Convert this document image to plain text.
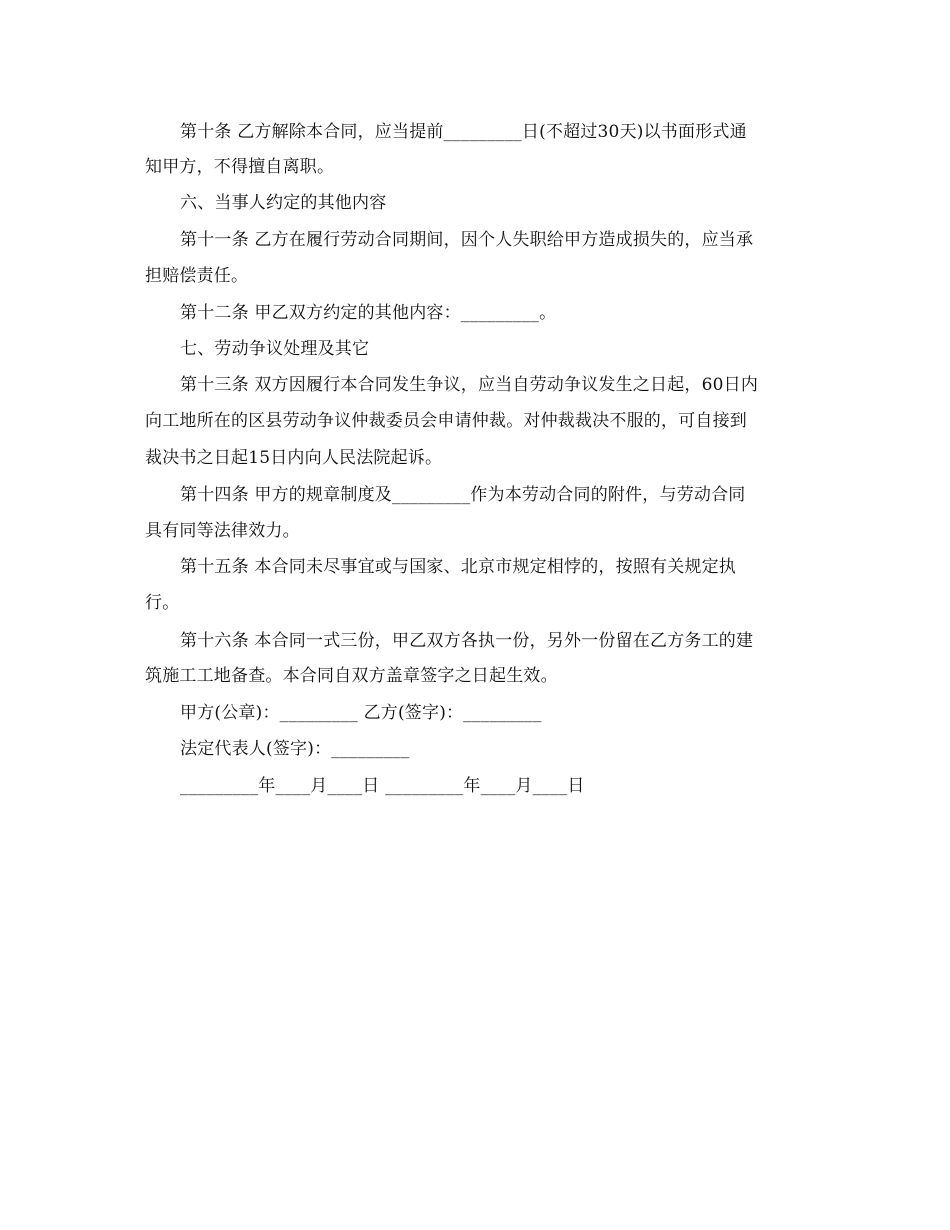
第十条 乙方解除本合同，应当提前_________日(不超过30天)以书面形式通
知甲方，不得擅自离职。
六、当事人约定的其他内容
第十一条 乙方在履行劳动合同期间，因个人失职给甲方造成损失的，应当承
担赔偿责任。
第十二条 甲乙双方约定的其他内容：_________。
七、劳动争议处理及其它
第十三条 双方因履行本合同发生争议，应当自劳动争议发生之日起，60日内
向工地所在的区县劳动争议仲裁委员会申请仲裁。对仲裁裁决不服的，可自接到
裁决书之日起15日内向人民法院起诉。
第十四条 甲方的规章制度及_________作为本劳动合同的附件，与劳动合同
具有同等法律效力。
第十五条 本合同未尽事宜或与国家、北京市规定相悖的，按照有关规定执
行。
第十六条 本合同一式三份，甲乙双方各执一份，另外一份留在乙方务工的建
筑施工工地备查。本合同自双方盖章签字之日起生效。
甲方(公章)：_________ 乙方(签字)：_________
法定代表人(签字)：_________
_________年____月____日 _________年____月____日
